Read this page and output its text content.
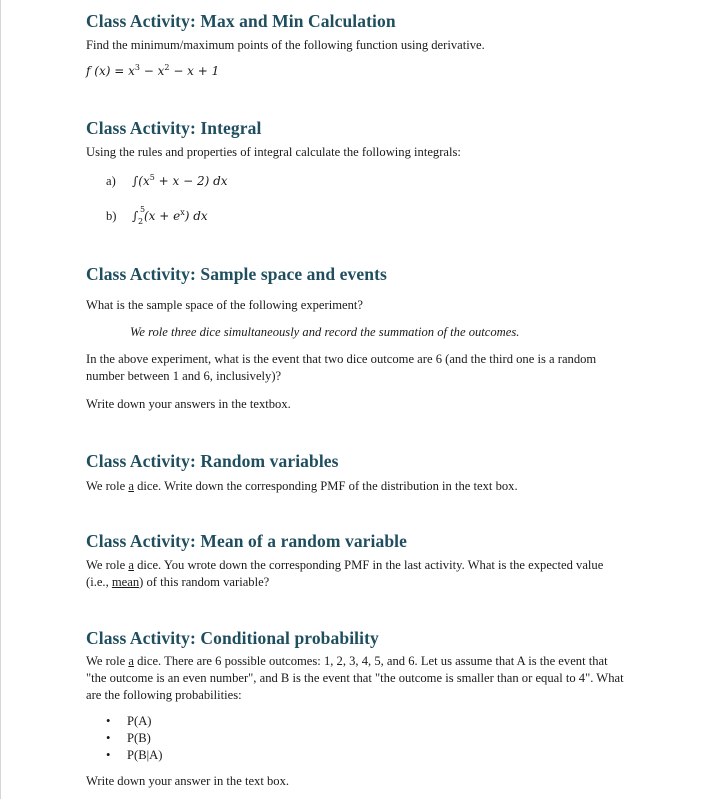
Class Activity: Max and Min Calculation

Find the minimum/maximum points of the following function using derivative.

f $(x) = x^3 - x^2 - x + 1$
Class Activity: Integral

Using the rules and properties of integral calculate the following integrals:

a) $\int(x^5 + x - 2)$ dx
b) ∫ 5
2 $(x + e^x)$ dx
Class Activity: Sample space and events

What is the sample space of the following experiment?

We role three dice simultaneously and record the summation of the outcomes.

In the above experiment, what is the event that two dice outcome are 6 (and the third one is a random number between 1 and 6, inclusively)?

Write down your answers in the textbox.

Class Activity: Random variables

We role a dice. Write down the corresponding PMF of the distribution in the text box.

Class Activity: Mean of a random variable

We role a dice. You wrote down the corresponding PMF in the last activity. What is the expected value (i.e., mean) of this random variable?

Class Activity: Conditional probability

We role a dice. There are 6 possible outcomes: 1, 2, 3, 4, 5, and 6. Let us assume that A is the event that "the outcome is an even number", and B is the event that "the outcome is smaller than or equal to 4". What are the following probabilities:

• P(A)
• P(B)
• P(B|A)

Write down your answer in the text box.
